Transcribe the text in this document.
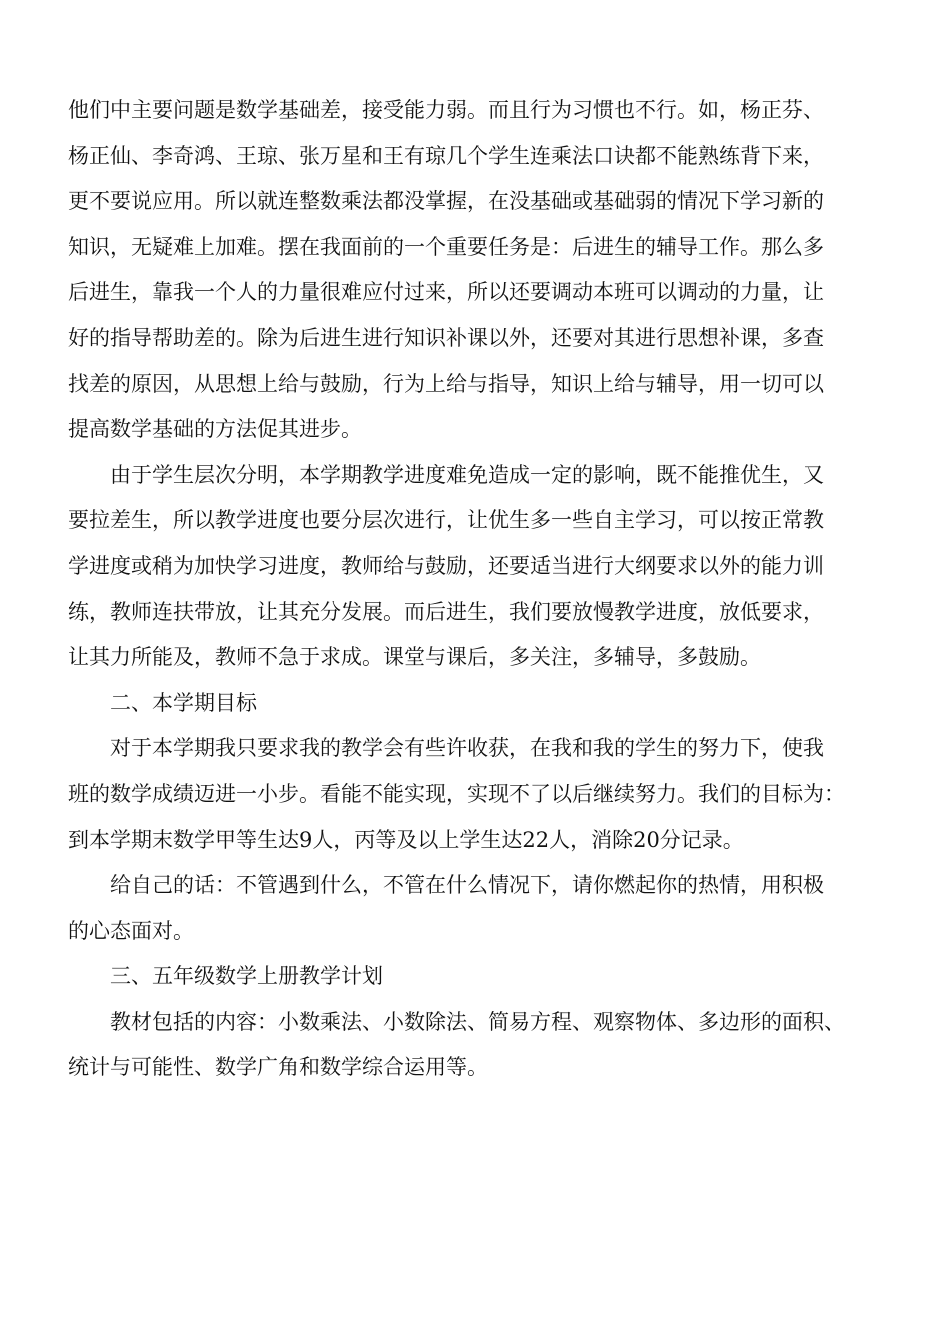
他们中主要问题是数学基础差，接受能力弱。而且行为习惯也不行。如，杨正芬、

杨正仙、李奇鸿、王琼、张万星和王有琼几个学生连乘法口诀都不能熟练背下来，

更不要说应用。所以就连整数乘法都没掌握，在没基础或基础弱的情况下学习新的

知识，无疑难上加难。摆在我面前的一个重要任务是：后进生的辅导工作。那么多

后进生，靠我一个人的力量很难应付过来，所以还要调动本班可以调动的力量，让

好的指导帮助差的。除为后进生进行知识补课以外，还要对其进行思想补课，多查

找差的原因，从思想上给与鼓励，行为上给与指导，知识上给与辅导，用一切可以

提高数学基础的方法促其进步。

由于学生层次分明，本学期教学进度难免造成一定的影响，既不能推优生，又

要拉差生，所以教学进度也要分层次进行，让优生多一些自主学习，可以按正常教

学进度或稍为加快学习进度，教师给与鼓励，还要适当进行大纲要求以外的能力训

练，教师连扶带放，让其充分发展。而后进生，我们要放慢教学进度，放低要求，

让其力所能及，教师不急于求成。课堂与课后，多关注，多辅导，多鼓励。

二、本学期目标

对于本学期我只要求我的教学会有些许收获，在我和我的学生的努力下，使我

班的数学成绩迈进一小步。看能不能实现，实现不了以后继续努力。我们的目标为：

到本学期末数学甲等生达9人，丙等及以上学生达22人，消除20分记录。

给自己的话：不管遇到什么，不管在什么情况下，请你燃起你的热情，用积极

的心态面对。

三、五年级数学上册教学计划

教材包括的内容：小数乘法、小数除法、简易方程、观察物体、多边形的面积、

统计与可能性、数学广角和数学综合运用等。
